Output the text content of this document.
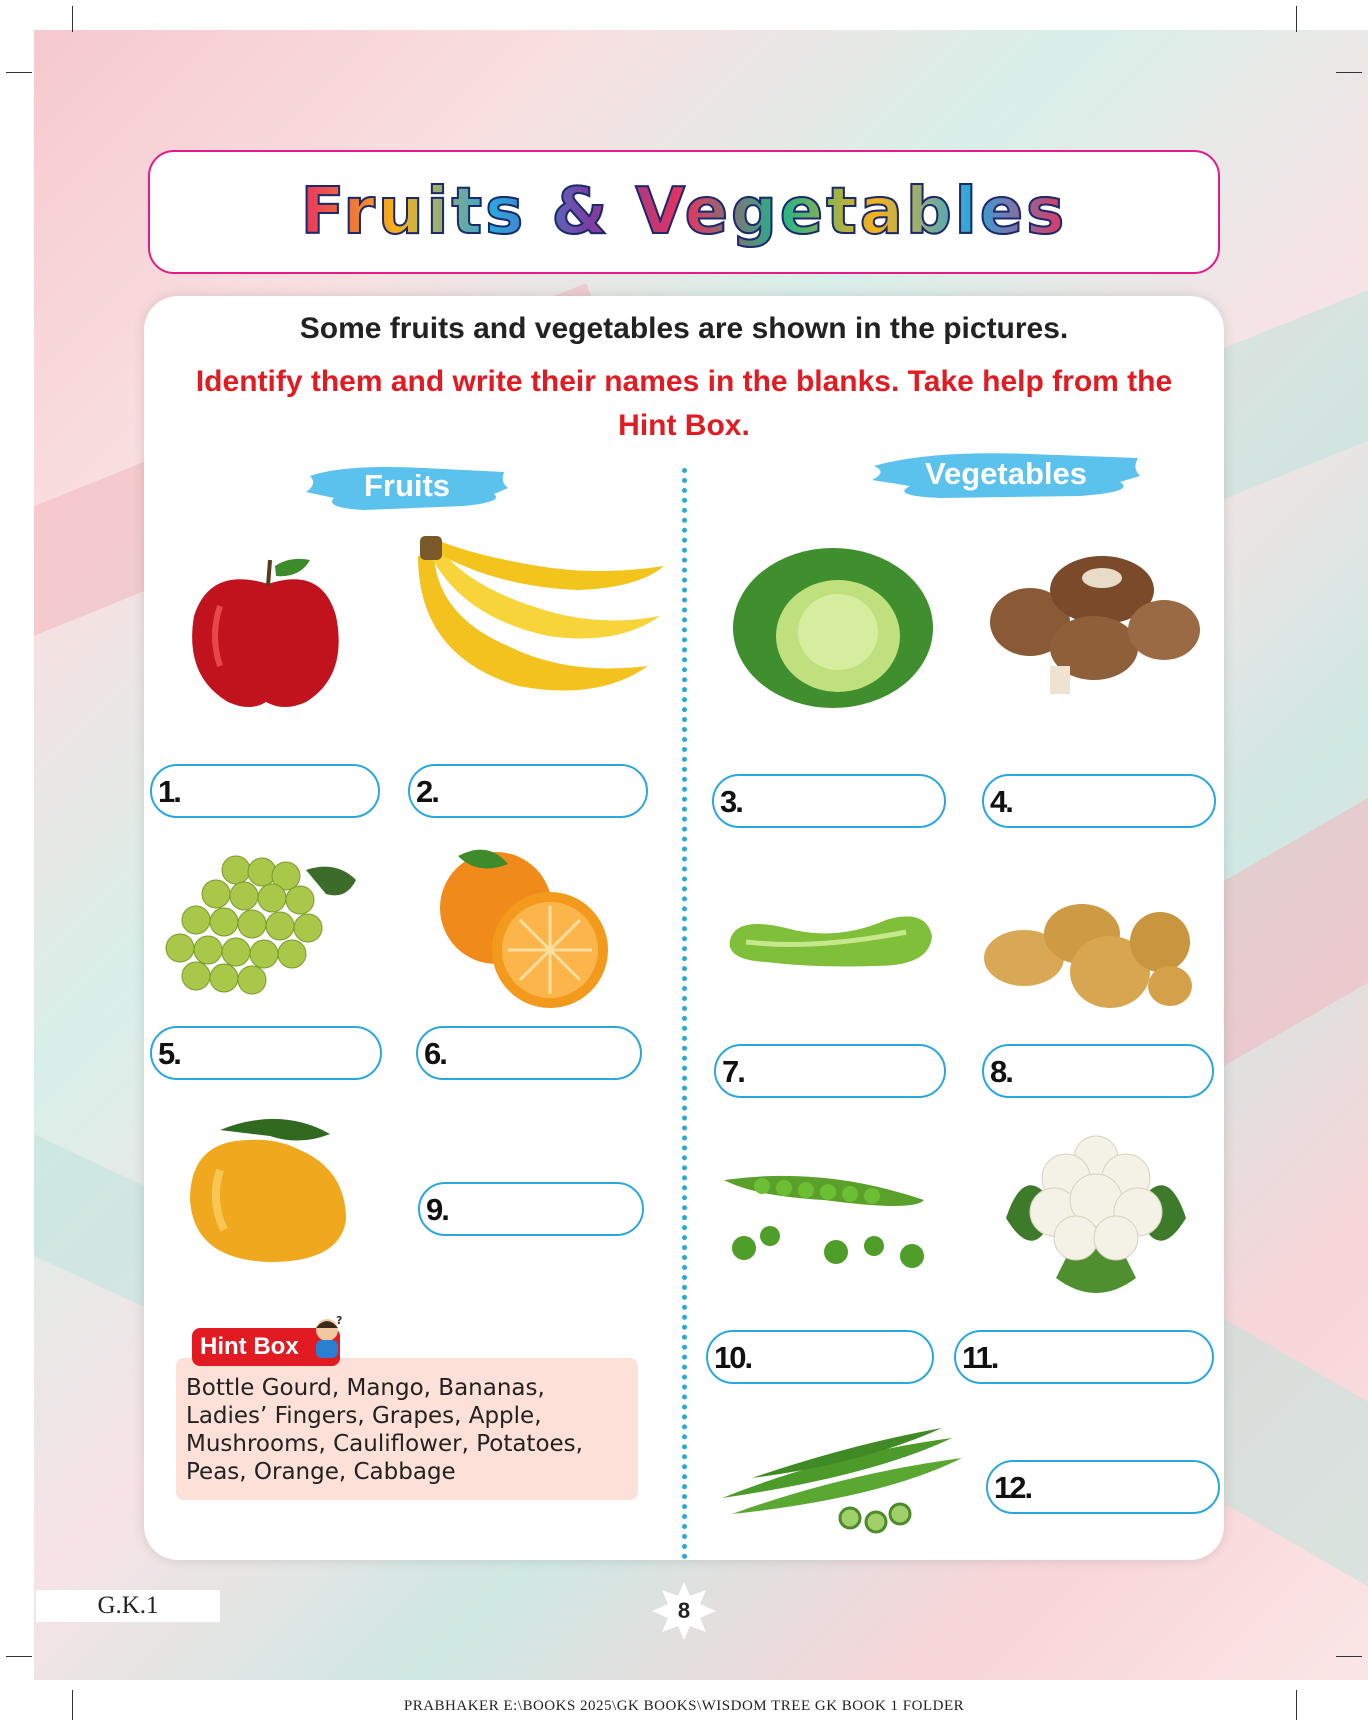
Fruits & Vegetables
Some fruits and vegetables are shown in the pictures.
Identify them and write their names in the blanks. Take help from the Hint Box.
Fruits	Vegetables
1.	2.	3.	4.
5.	6.
7.	8.
9.
10.	11.
12.
Bottle Gourd, Mango, Bananas,
Ladies’ Fingers, Grapes, Apple,
Mushrooms, Cauliflower, Potatoes,
Peas, Orange, Cabbage
Hint Box
?
G.K.1	8
PRABHAKER E:\BOOKS 2025\GK BOOKS\WISDOM TREE GK BOOK 1 FOLDER
